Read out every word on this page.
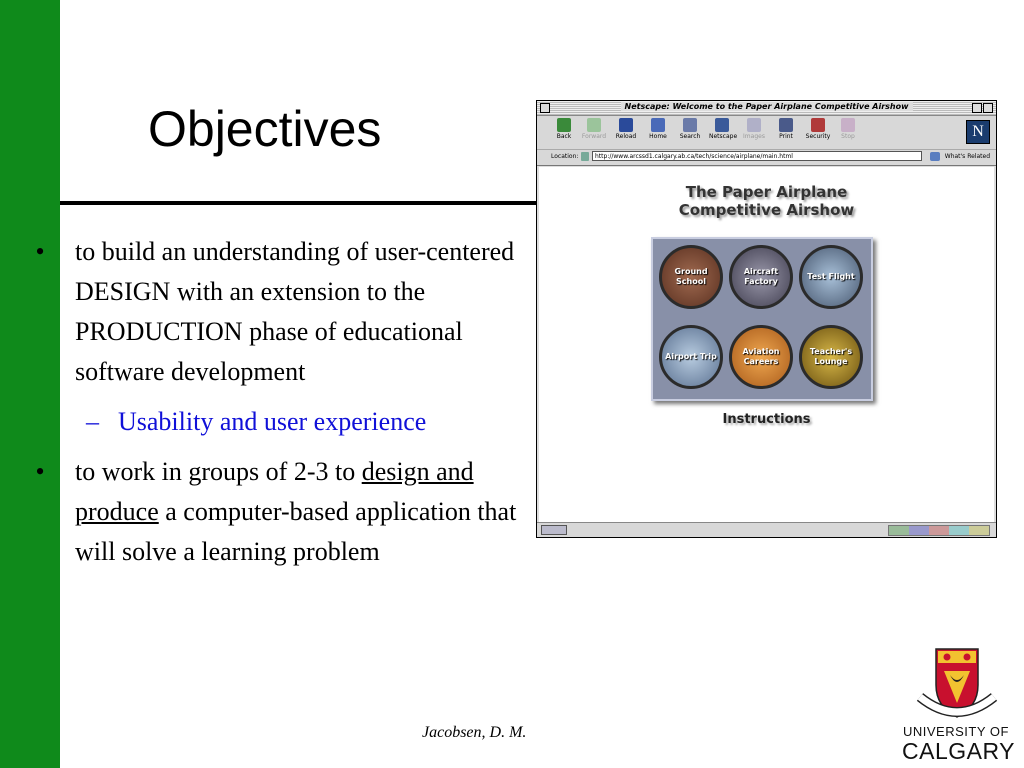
Objectives
• to build an understanding of user-centered DESIGN with an extension to the PRODUCTION phase of educational software development
– Usability and user experience
• to work in groups of 2-3 to design and produce a computer-based application that will solve a learning problem
Jacobsen, D. M.
Netscape: Welcome to the Paper Airplane Competitive Airshow
Back	Forward	Reload	Home	Search	Netscape Images	Print	Security	Stop	N
Location:	http://www.arcssd1.calgary.ab.ca/tech/science/airplane/main.html	What's Related
The Paper Airplane
Competitive Airshow
Ground School
Aircraft Factory
Test Flight
Airport Trip
Aviation Careers
Teacher's Lounge
Instructions
UNIVERSITY OF
CALGARY
